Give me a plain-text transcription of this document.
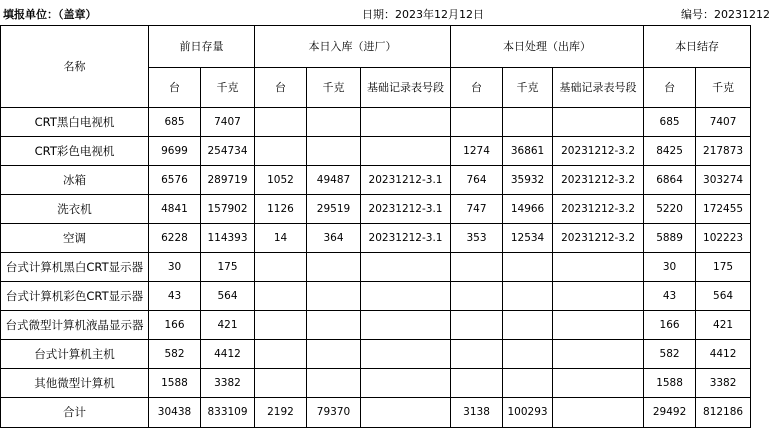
填报单位：（盖章）	日期：2023年12月12日	编号：20231212
名称	前日存量		本日入库（进厂）			本日处理（出库）			本日结存	
	台	千克	台	千克	基础记录表号段	台	千克	基础记录表号段	台	千克
CRT黑白电视机	685	7407							685	7407
CRT彩色电视机	9699	254734				1274	36861	20231212-3.2	8425	217873
冰箱	6576	289719	1052	49487	20231212-3.1	764	35932	20231212-3.2	6864	303274
洗衣机	4841	157902	1126	29519	20231212-3.1	747	14966	20231212-3.2	5220	172455
空调	6228	114393	14	364	20231212-3.1	353	12534	20231212-3.2	5889	102223
台式计算机黑白CRT显示器	30	175							30	175
台式计算机彩色CRT显示器	43	564							43	564
台式微型计算机液晶显示器	166	421							166	421
台式计算机主机	582	4412							582	4412
其他微型计算机	1588	3382							1588	3382
合计	30438	833109	2192	79370		3138	100293		29492	812186
